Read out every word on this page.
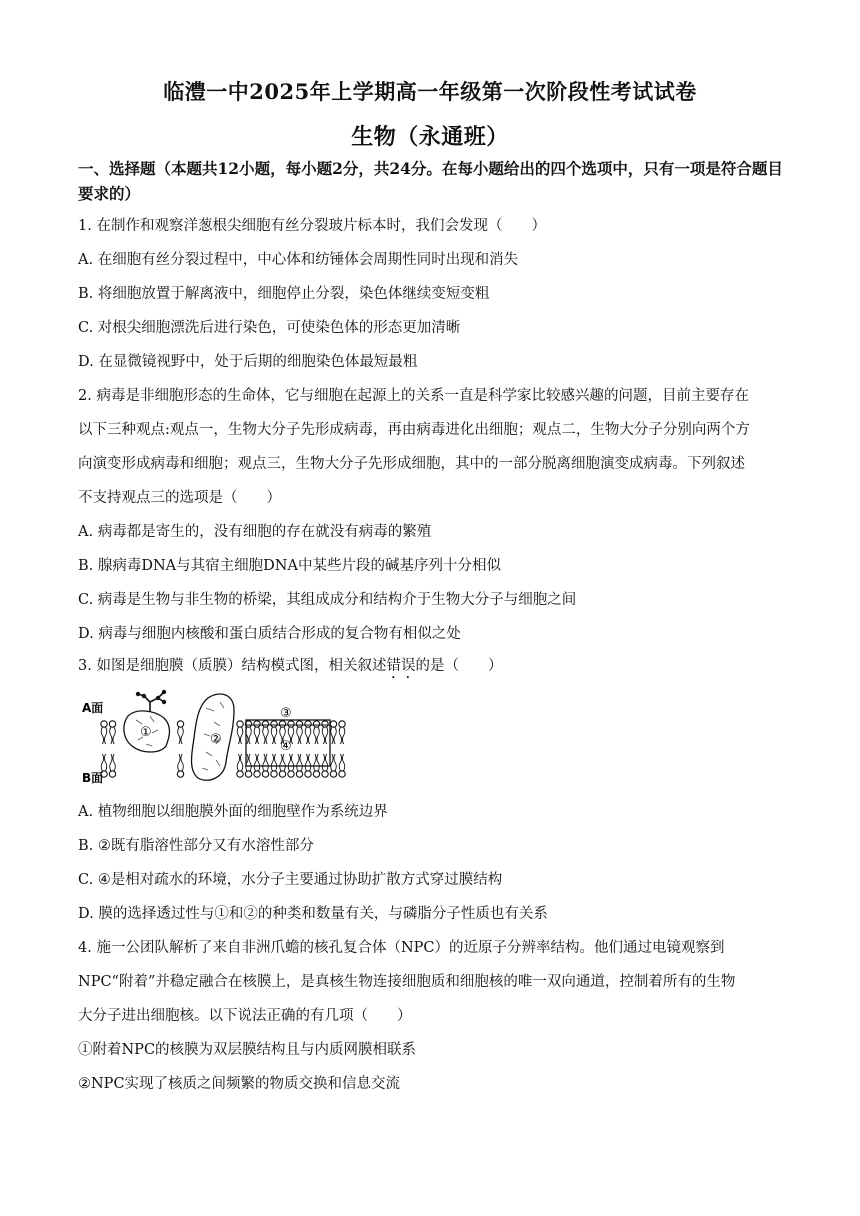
临澧一中2025年上学期高一年级第一次阶段性考试试卷
生物（永通班）
一、选择题（本题共12小题，每小题2分，共24分。在每小题给出的四个选项中，只有一项是符合题目要求的）
1. 在制作和观察洋葱根尖细胞有丝分裂玻片标本时，我们会发现（　　）
A. 在细胞有丝分裂过程中，中心体和纺锤体会周期性同时出现和消失
B. 将细胞放置于解离液中，细胞停止分裂，染色体继续变短变粗
C. 对根尖细胞漂洗后进行染色，可使染色体的形态更加清晰
D. 在显微镜视野中，处于后期的细胞染色体最短最粗
2. 病毒是非细胞形态的生命体，它与细胞在起源上的关系一直是科学家比较感兴趣的问题，目前主要存在
以下三种观点:观点一，生物大分子先形成病毒，再由病毒进化出细胞；观点二，生物大分子分别向两个方
向演变形成病毒和细胞；观点三，生物大分子先形成细胞，其中的一部分脱离细胞演变成病毒。下列叙述
不支持观点三的选项是（　　）
A. 病毒都是寄生的，没有细胞的存在就没有病毒的繁殖
B. 腺病毒DNA与其宿主细胞DNA中某些片段的碱基序列十分相似
C. 病毒是生物与非生物的桥梁，其组成成分和结构介于生物大分子与细胞之间
D. 病毒与细胞内核酸和蛋白质结合形成的复合物有相似之处
3. 如图是细胞膜（质膜）结构模式图，相关叙述错误的是（　　）
A面
B面
①	②
③
④
A. 植物细胞以细胞膜外面的细胞壁作为系统边界
B. ②既有脂溶性部分又有水溶性部分
C. ④是相对疏水的环境，水分子主要通过协助扩散方式穿过膜结构
D. 膜的选择透过性与①和②的种类和数量有关，与磷脂分子性质也有关系
4. 施一公团队解析了来自非洲爪蟾的核孔复合体（NPC）的近原子分辨率结构。他们通过电镜观察到
NPC“附着”并稳定融合在核膜上，是真核生物连接细胞质和细胞核的唯一双向通道，控制着所有的生物
大分子进出细胞核。以下说法正确的有几项（　　）
①附着NPC的核膜为双层膜结构且与内质网膜相联系
②NPC实现了核质之间频繁的物质交换和信息交流
